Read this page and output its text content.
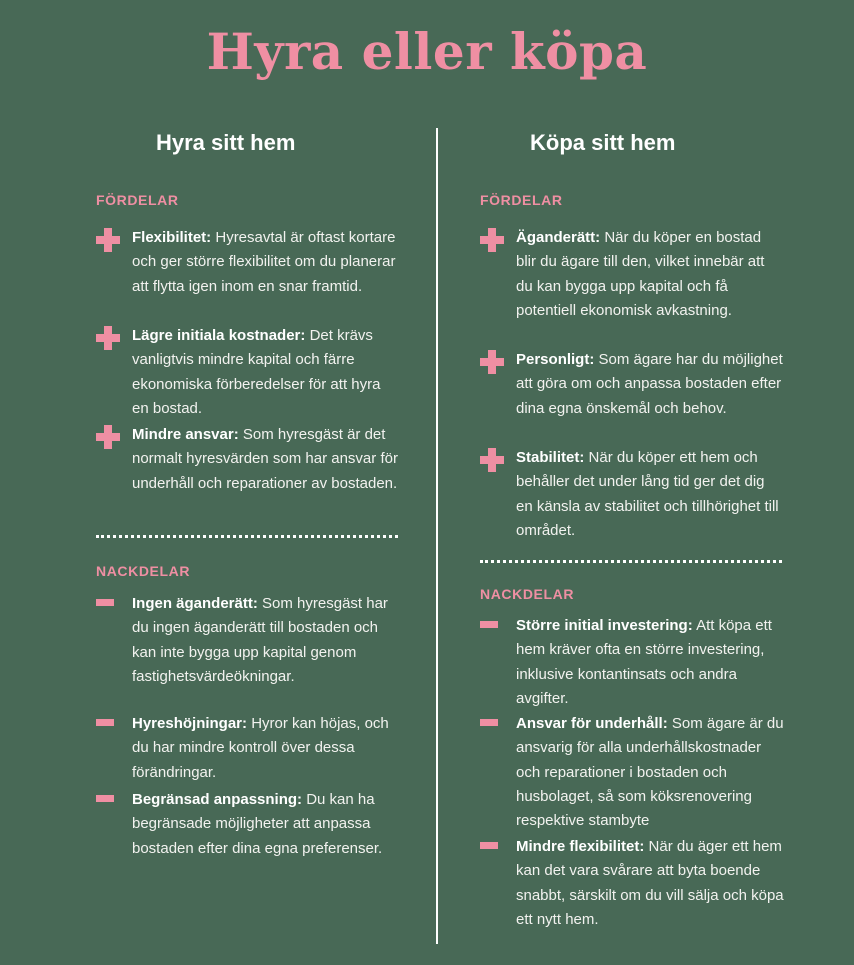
Hyra eller köpa
Hyra sitt hem
FÖRDELAR
Flexibilitet: Hyresavtal är oftast kortare och ger större flexibilitet om du planerar att flytta igen inom en snar framtid.
Lägre initiala kostnader: Det krävs vanligtvis mindre kapital och färre ekonomiska förberedelser för att hyra en bostad.
Mindre ansvar: Som hyresgäst är det normalt hyresvärden som har ansvar för underhåll och reparationer av bostaden.
NACKDELAR
Ingen äganderätt: Som hyresgäst har du ingen äganderätt till bostaden och kan inte bygga upp kapital genom fastighetsvärdeökningar.
Hyreshöjningar: Hyror kan höjas, och du har mindre kontroll över dessa förändringar.
Begränsad anpassning: Du kan ha begränsade möjligheter att anpassa bostaden efter dina egna preferenser.
Köpa sitt hem
FÖRDELAR
Äganderätt: När du köper en bostad blir du ägare till den, vilket innebär att du kan bygga upp kapital och få potentiell ekonomisk avkastning.
Personligt: Som ägare har du möjlighet att göra om och anpassa bostaden efter dina egna önskemål och behov.
Stabilitet: När du köper ett hem och behåller det under lång tid ger det dig en känsla av stabilitet och tillhörighet till området.
NACKDELAR
Större initial investering: Att köpa ett hem kräver ofta en större investering, inklusive kontantinsats och andra avgifter.
Ansvar för underhåll: Som ägare är du ansvarig för alla underhållskostnader och reparationer i bostaden och husbolaget, så som köksrenovering respektive stambyte
Mindre flexibilitet: När du äger ett hem kan det vara svårare att byta boende snabbt, särskilt om du vill sälja och köpa ett nytt hem.
